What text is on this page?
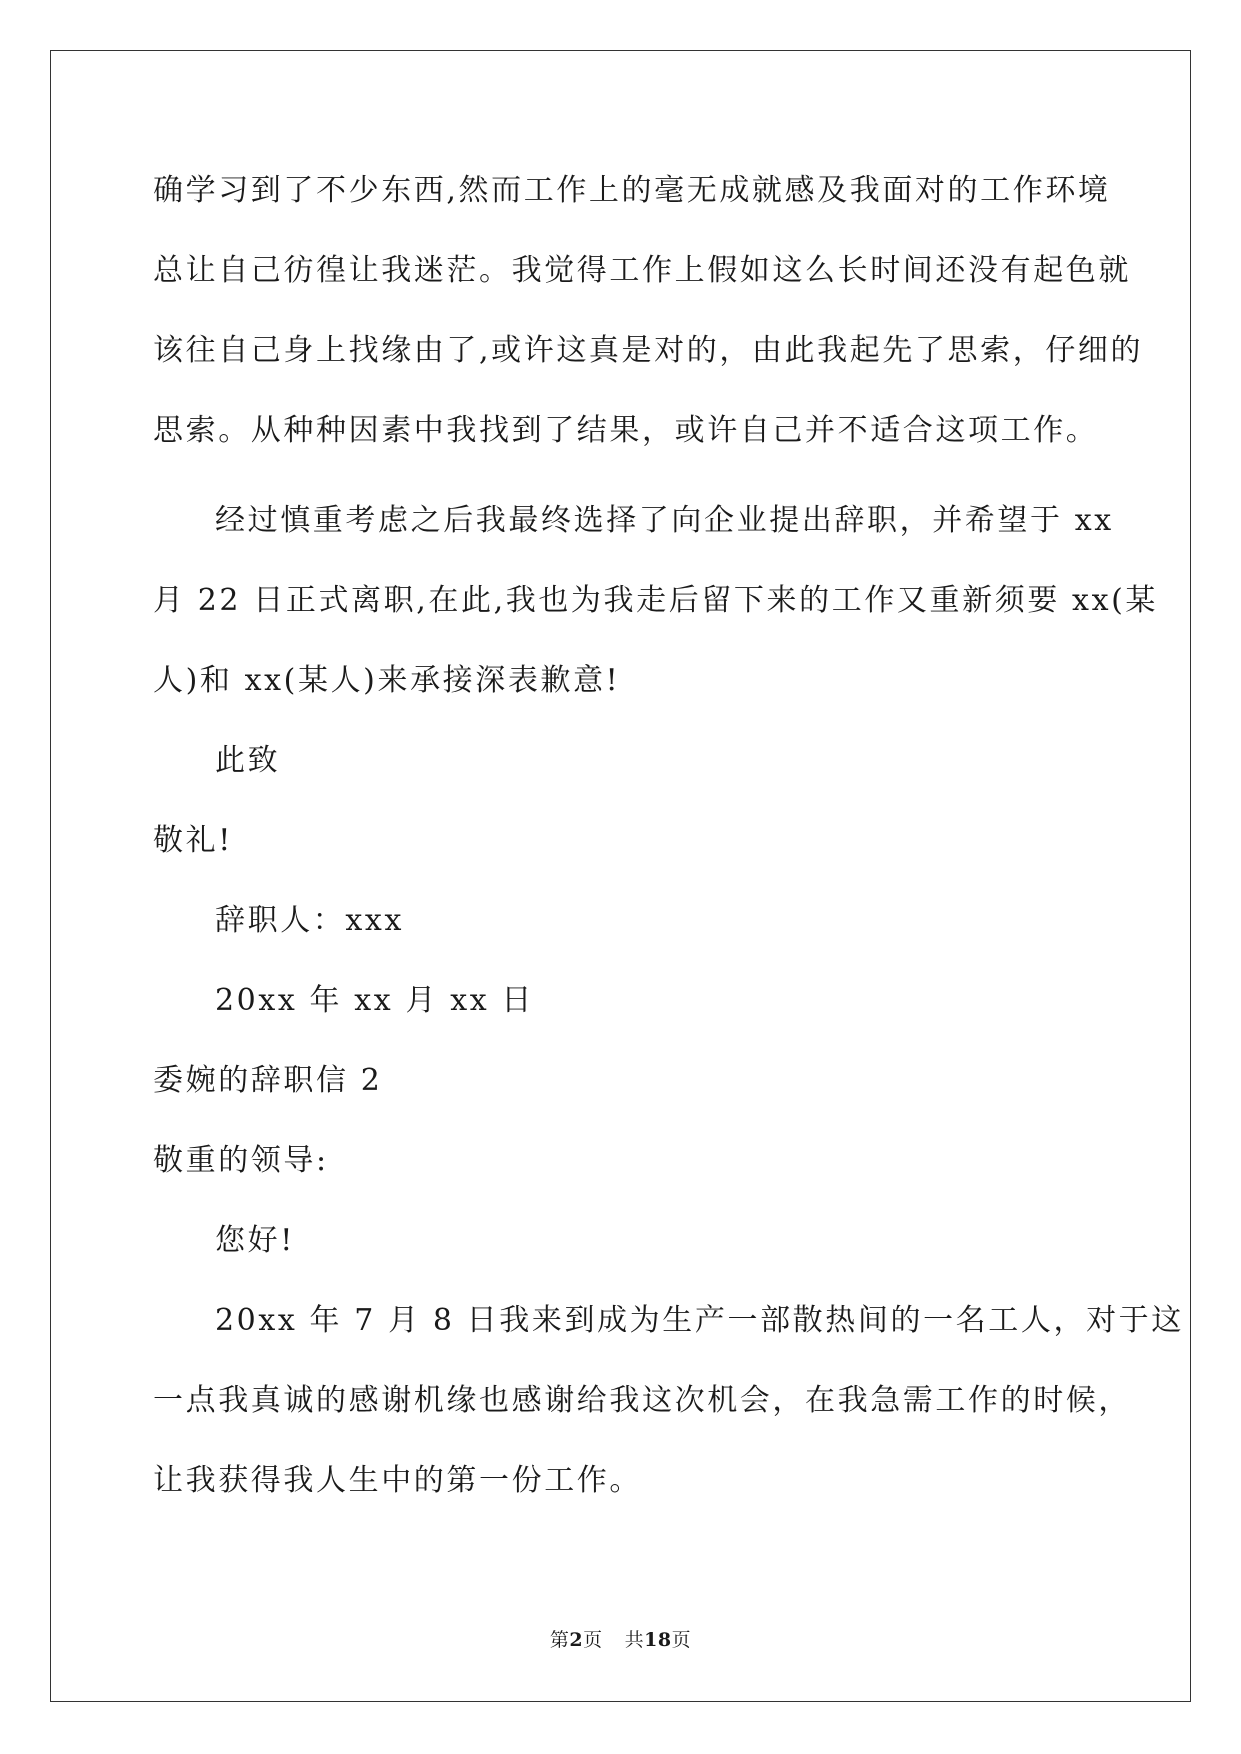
确学习到了不少东西,然而工作上的毫无成就感及我面对的工作环境
总让自己彷徨让我迷茫。我觉得工作上假如这么长时间还没有起色就
该往自己身上找缘由了,或许这真是对的，由此我起先了思索，仔细的
思索。从种种因素中我找到了结果，或许自己并不适合这项工作。
经过慎重考虑之后我最终选择了向企业提出辞职，并希望于 xx
月 22 日正式离职,在此,我也为我走后留下来的工作又重新须要 xx(某
人)和 xx(某人)来承接深表歉意!
此致
敬礼!
辞职人：xxx
20xx 年 xx 月 xx 日
委婉的辞职信 2
敬重的领导:
您好!
20xx 年 7 月 8 日我来到成为生产一部散热间的一名工人，对于这
一点我真诚的感谢机缘也感谢给我这次机会，在我急需工作的时候，
让我获得我人生中的第一份工作。
第2页 共18页
